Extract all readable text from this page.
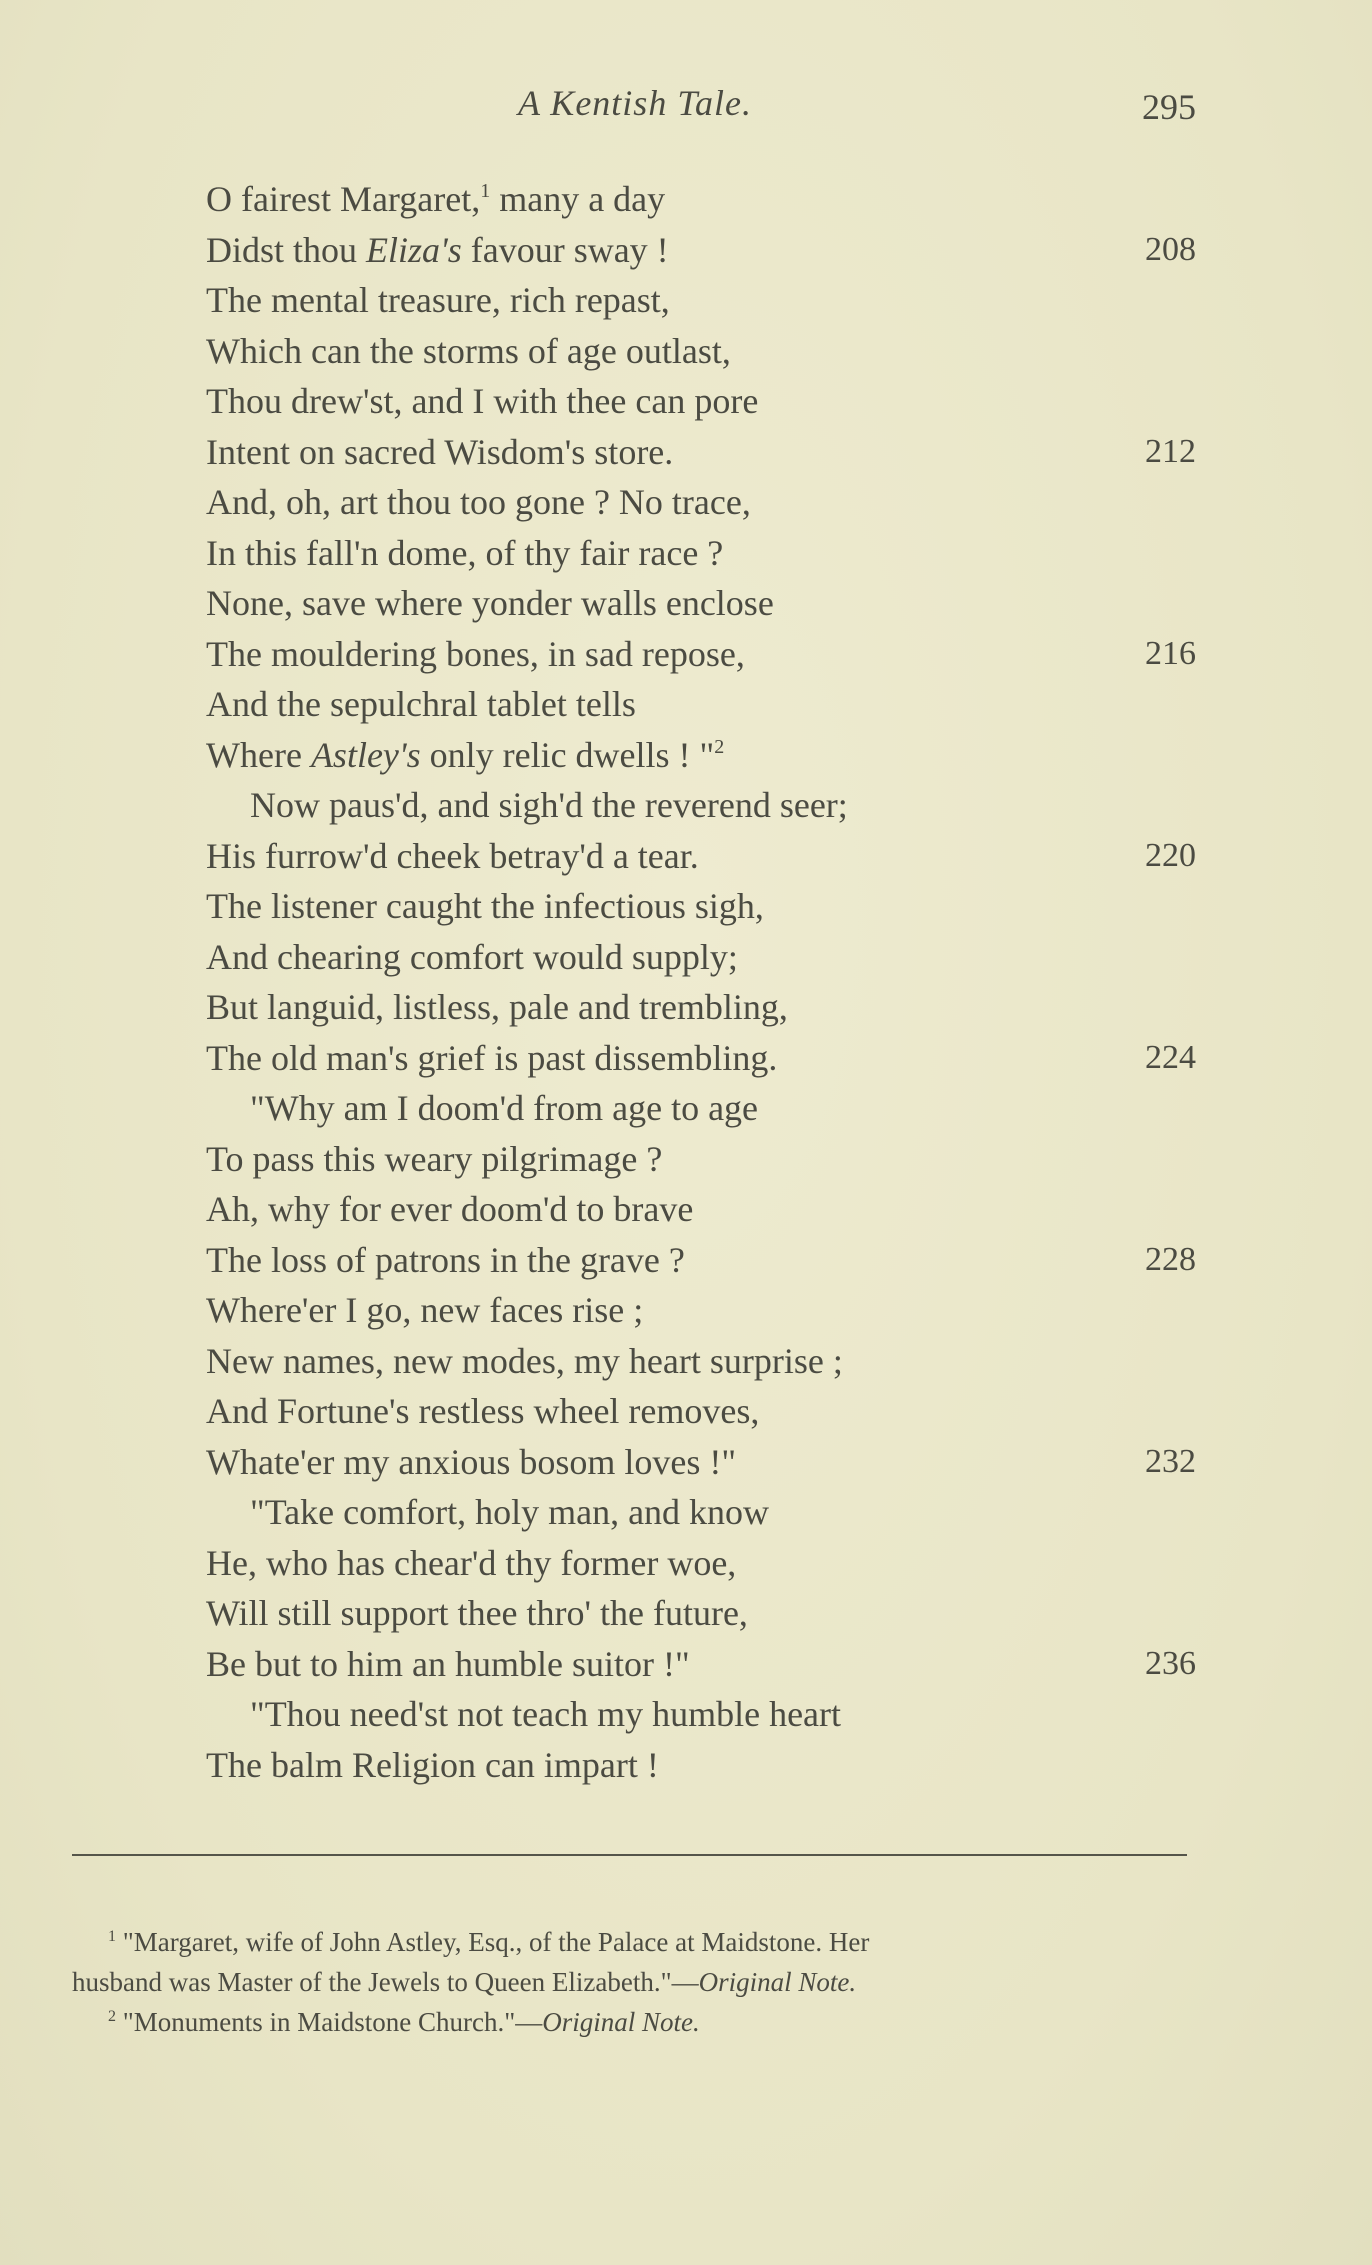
A Kentish Tale.	295
O fairest Margaret,$^1$ many a day
Didst thou Eliza's favour sway !	208
The mental treasure, rich repast,
Which can the storms of age outlast,
Thou drew'st, and I with thee can pore
Intent on sacred Wisdom's store.	212
And, oh, art thou too gone ? No trace,
In this fall'n dome, of thy fair race ?
None, save where yonder walls enclose
The mouldering bones, in sad repose,	216
And the sepulchral tablet tells
Where Astley's only relic dwells ! "$^2$
Now paus'd, and sigh'd the reverend seer;
His furrow'd cheek betray'd a tear.	220
The listener caught the infectious sigh,
And chearing comfort would supply;
But languid, listless, pale and trembling,
The old man's grief is past dissembling.	224
"Why am I doom'd from age to age
To pass this weary pilgrimage ?
Ah, why for ever doom'd to brave
The loss of patrons in the grave ?	228
Where'er I go, new faces rise ;
New names, new modes, my heart surprise ;
And Fortune's restless wheel removes,
Whate'er my anxious bosom loves !"	232
"Take comfort, holy man, and know
He, who has chear'd thy former woe,
Will still support thee thro' the future,
Be but to him an humble suitor !"	236
"Thou need'st not teach my humble heart
The balm Religion can impart !
$^1$ "Margaret, wife of John Astley, Esq., of the Palace at Maidstone. Her
husband was Master of the Jewels to Queen Elizabeth."—Original Note.
$^2$ "Monuments in Maidstone Church."—Original Note.
